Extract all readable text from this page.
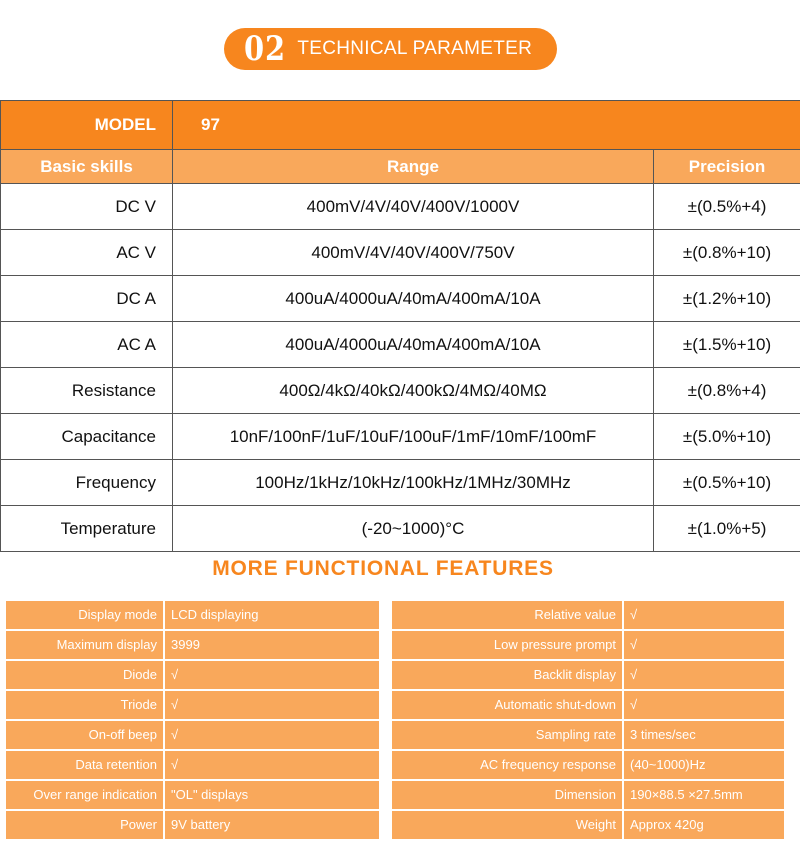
02 TECHNICAL PARAMETER
MODEL	97	
Basic skills	Range	Precision
DC V	400mV/4V/40V/400V/1000V	±(0.5%+4)
AC V	400mV/4V/40V/400V/750V	±(0.8%+10)
DC A	400uA/4000uA/40mA/400mA/10A	±(1.2%+10)
AC A	400uA/4000uA/40mA/400mA/10A	±(1.5%+10)
Resistance	400Ω/4kΩ/40kΩ/400kΩ/4MΩ/40MΩ	±(0.8%+4)
Capacitance	10nF/100nF/1uF/10uF/100uF/1mF/10mF/100mF	±(5.0%+10)
Frequency	100Hz/1kHz/10kHz/100kHz/1MHz/30MHz	±(0.5%+10)
Temperature	(-20~1000)°C	±(1.0%+5)
MORE FUNCTIONAL FEATURES
Display mode	LCD displaying
Maximum display	3999
Diode	√
Triode	√
On-off beep	√
Data retention	√
Over range indication	"OL" displays
Power	9V battery
Relative value	√
Low pressure prompt	√
Backlit display	√
Automatic shut-down	√
Sampling rate	3 times/sec
AC frequency response	(40~1000)Hz
Dimension	190×88.5 ×27.5mm
Weight	Approx 420g
